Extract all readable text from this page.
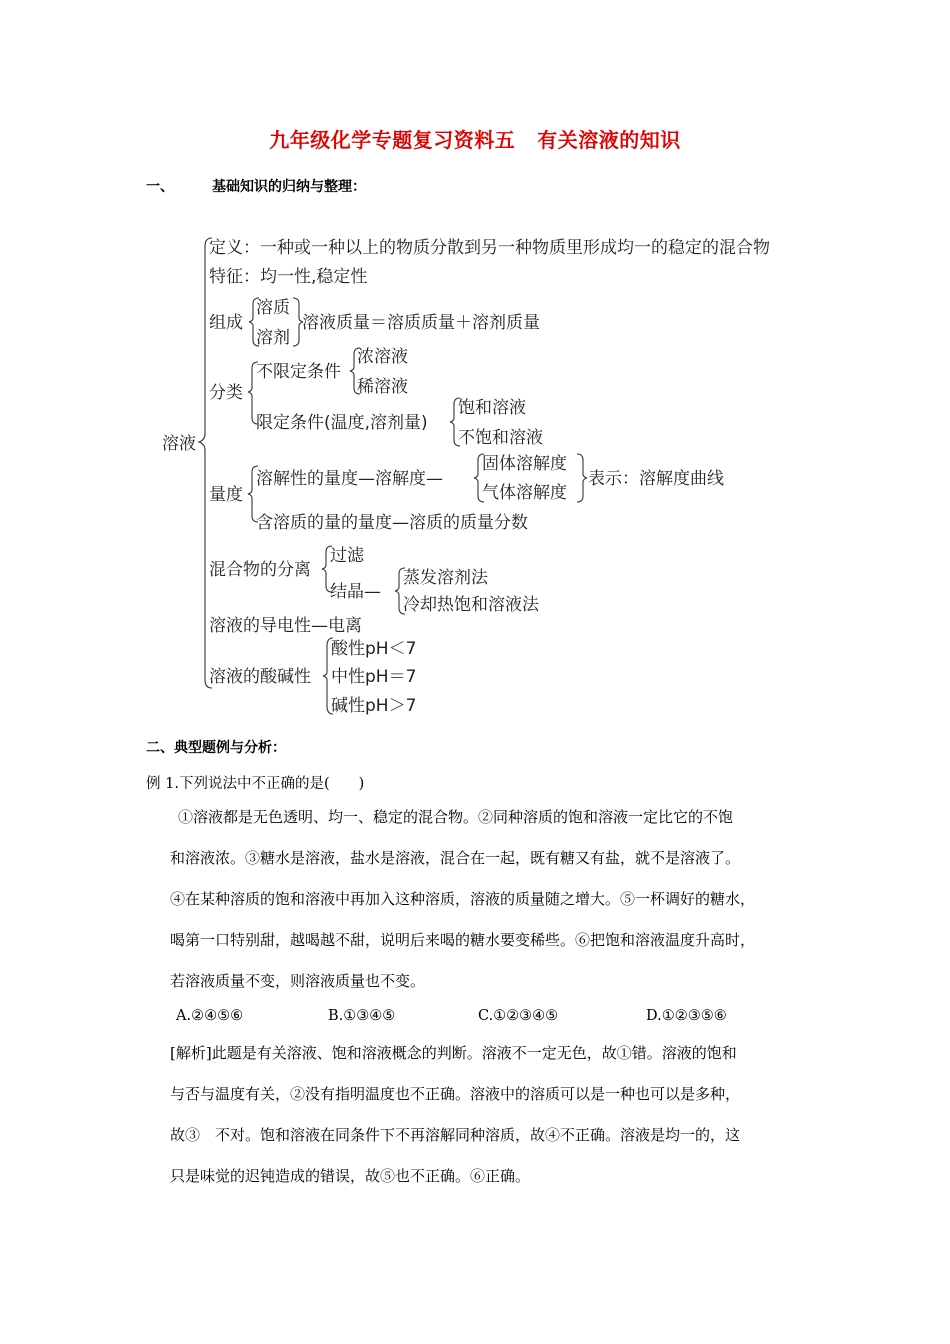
九年级化学专题复习资料五 有关溶液的知识
一、	基础知识的归纳与整理：
溶液
定义：一种或一种以上的物质分散到另一种物质里形成均一的稳定的混合物
特征：均一性,稳定性
组成
溶质
溶剂
溶液质量＝溶质质量＋溶剂质量
分类
不限定条件
浓溶液
稀溶液
限定条件(温度,溶剂量)
饱和溶液
不饱和溶液
量度
溶解性的量度—溶解度—
固体溶解度
气体溶解度
表示：溶解度曲线
含溶质的量的量度—溶质的质量分数
混合物的分离
过滤
结晶—
蒸发溶剂法
冷却热饱和溶液法
溶液的导电性—电离
溶液的酸碱性
酸性pH＜7
中性pH＝7
碱性pH＞7
二、典型题例与分析：
例 1.下列说法中不正确的是(　　)
①溶液都是无色透明、均一、稳定的混合物。②同种溶质的饱和溶液一定比它的不饱
和溶液浓。③糖水是溶液，盐水是溶液，混合在一起，既有糖又有盐，就不是溶液了。
④在某种溶质的饱和溶液中再加入这种溶质，溶液的质量随之增大。⑤一杯调好的糖水，
喝第一口特别甜，越喝越不甜，说明后来喝的糖水要变稀些。⑥把饱和溶液温度升高时，
若溶液质量不变，则溶液质量也不变。
A.②④⑤⑥	B.①③④⑤	C.①②③④⑤	D.①②③⑤⑥
[解析]此题是有关溶液、饱和溶液概念的判断。溶液不一定无色，故①错。溶液的饱和
与否与温度有关，②没有指明温度也不正确。溶液中的溶质可以是一种也可以是多种，
故③　不对。饱和溶液在同条件下不再溶解同种溶质，故④不正确。溶液是均一的，这
只是味觉的迟钝造成的错误，故⑤也不正确。⑥正确。
